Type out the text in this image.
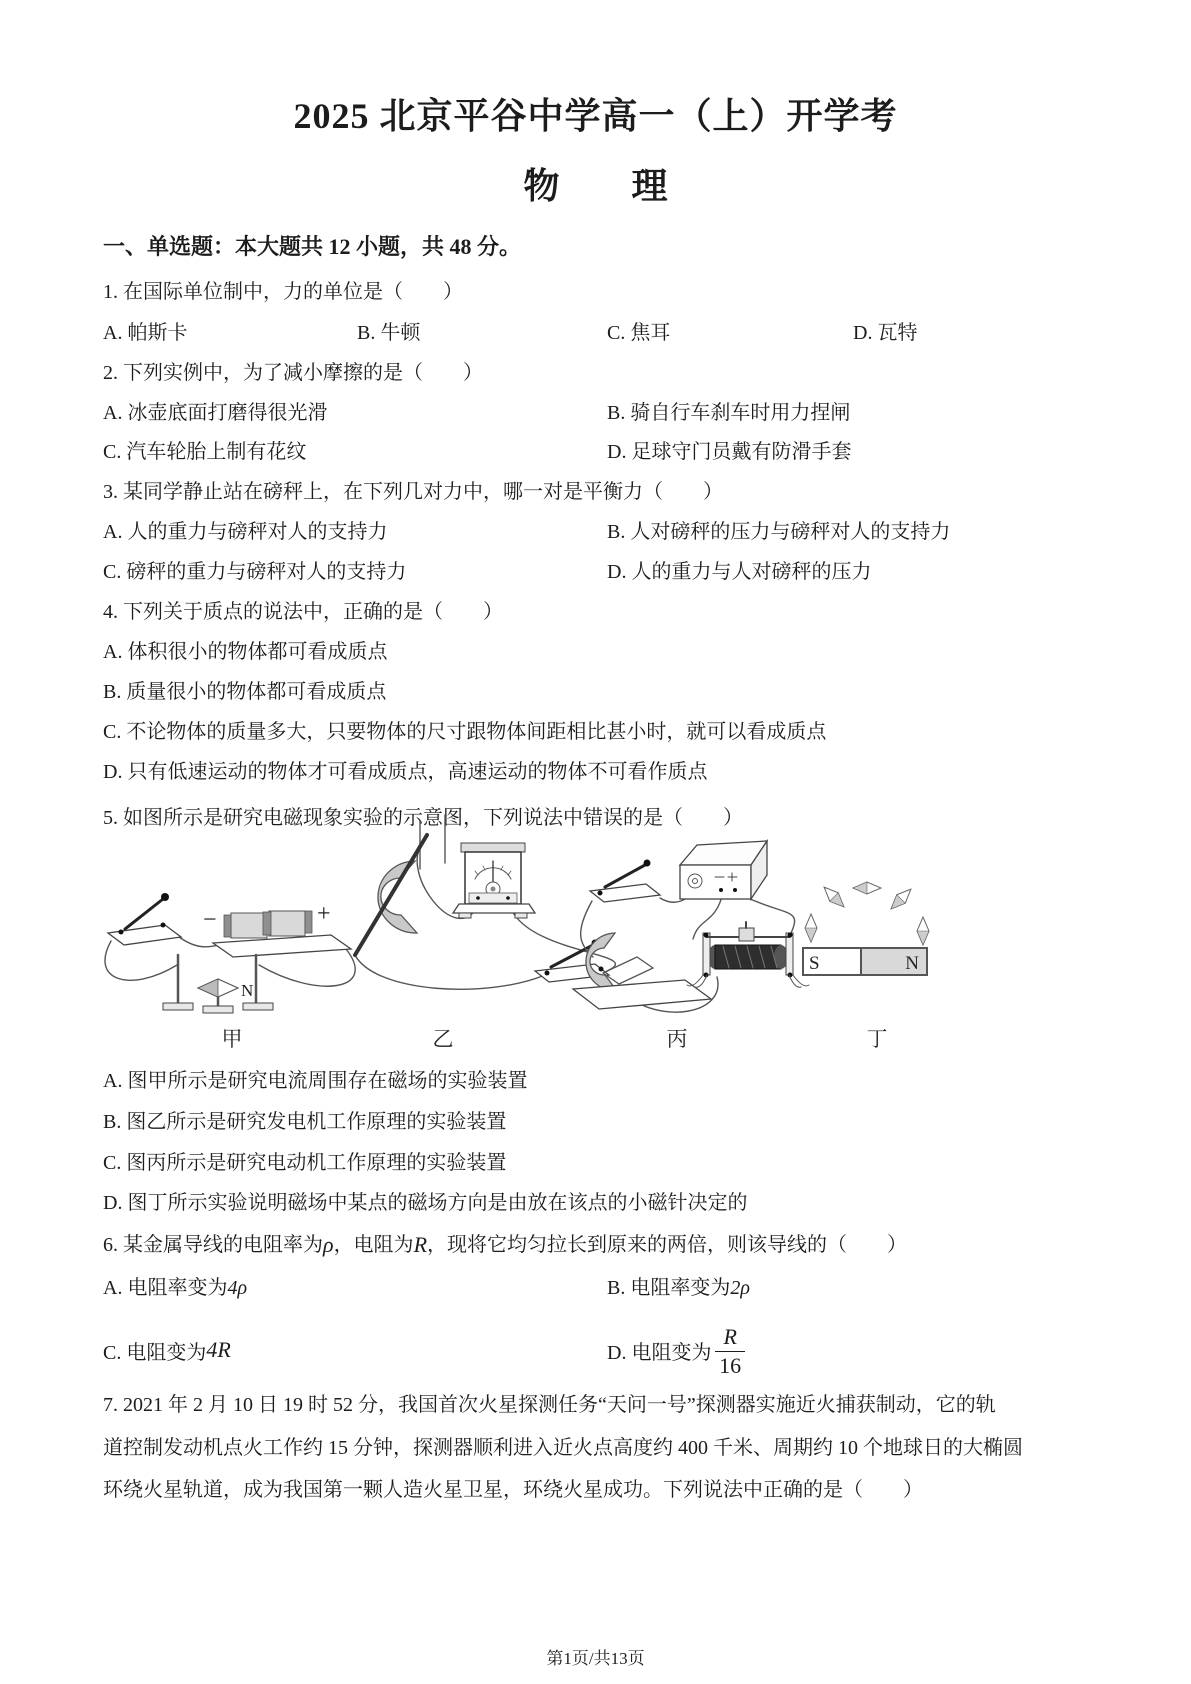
2025 北京平谷中学高一（上）开学考
物　　理
一、单选题：本大题共 12 小题，共 48 分。
1. 在国际单位制中，力的单位是（　　）
A. 帕斯卡	B. 牛顿	C. 焦耳	D. 瓦特
2. 下列实例中，为了减小摩擦的是（　　）
A. 冰壶底面打磨得很光滑	B. 骑自行车刹车时用力捏闸
C. 汽车轮胎上制有花纹	D. 足球守门员戴有防滑手套
3. 某同学静止站在磅秤上，在下列几对力中，哪一对是平衡力（　　）
A. 人的重力与磅秤对人的支持力	B. 人对磅秤的压力与磅秤对人的支持力
C. 磅秤的重力与磅秤对人的支持力	D. 人的重力与人对磅秤的压力
4. 下列关于质点的说法中，正确的是（　　）
A. 体积很小的物体都可看成质点
B. 质量很小的物体都可看成质点
C. 不论物体的质量多大，只要物体的尺寸跟物体间距相比甚小时，就可以看成质点
D. 只有低速运动的物体才可看成质点，高速运动的物体不可看作质点
5. 如图所示是研究电磁现象实验的示意图，下列说法中错误的是（　　）
−	+
N
S	N
甲	乙	丙	丁
A. 图甲所示是研究电流周围存在磁场的实验装置
B. 图乙所示是研究发电机工作原理的实验装置
C. 图丙所示是研究电动机工作原理的实验装置
D. 图丁所示实验说明磁场中某点的磁场方向是由放在该点的小磁针决定的
6. 某金属导线的电阻率为 ρ ，电阻为 R ，现将它均匀拉长到原来的两倍，则该导线的（　　）
A. 电阻率变为4ρ	B. 电阻率变为2ρ
C. 电阻变为 4R	D. 电阻变为 $\frac{R}{16}$
7. 2021 年 2 月 10 日 19 时 52 分，我国首次火星探测任务“天问一号”探测器实施近火捕获制动，它的轨
道控制发动机点火工作约 15 分钟，探测器顺利进入近火点高度约 400 千米、周期约 10 个地球日的大椭圆
环绕火星轨道，成为我国第一颗人造火星卫星，环绕火星成功。下列说法中正确的是（　　）
第1页/共13页
